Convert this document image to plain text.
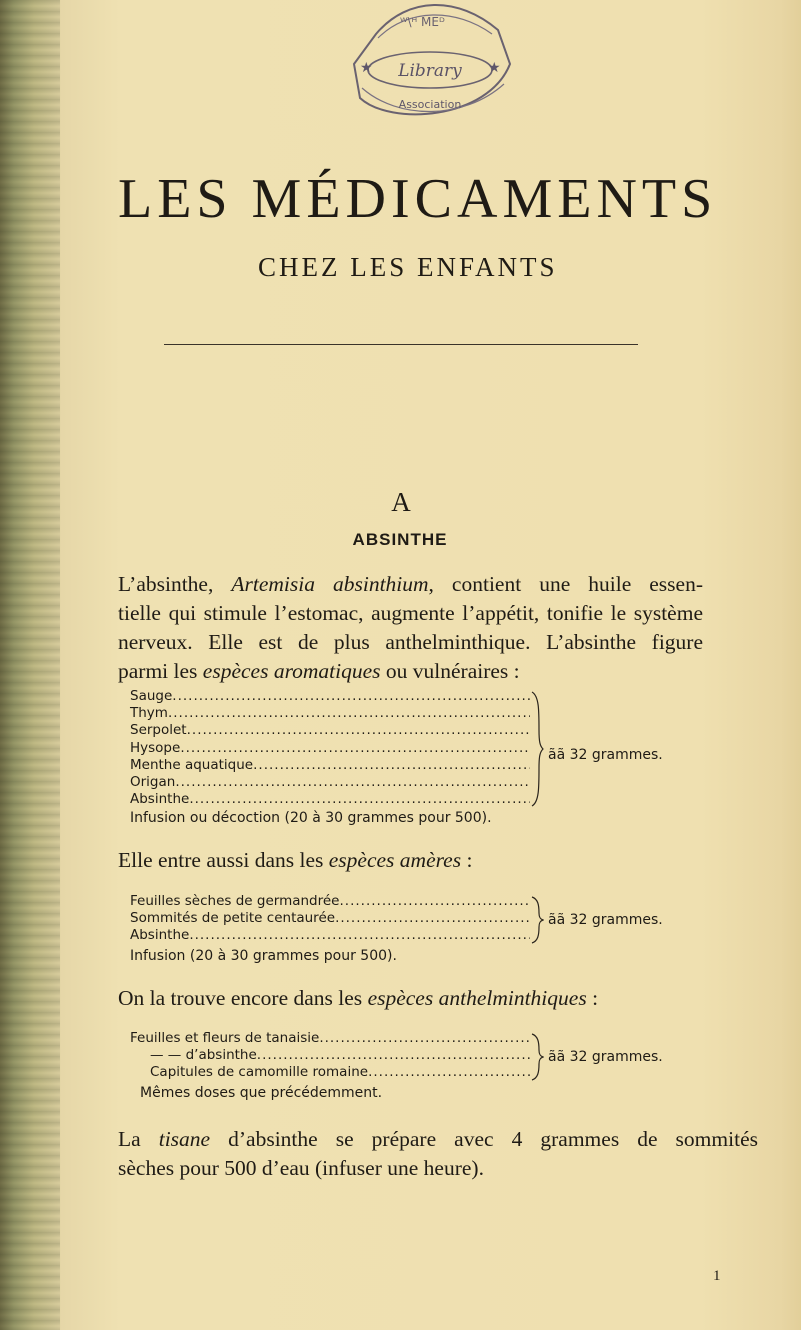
★	★
ᵂ\ᴴ MEᴰ
Library
Association
LES MÉDICAMENTS
CHEZ LES ENFANTS
A
ABSINTHE

L’absinthe, Artemisia absinthium, contient une huile essen-
tielle qui stimule l’estomac, augmente l’appétit, tonifie le système
nerveux. Elle est de plus anthelminthique. L’absinthe figure
parmi les espèces aromatiques ou vulnéraires :

Sauge
.....
Thym
.....
Serpolet
.....
Hysope
.....
Menthe aquatique
.....
Origan
.....
Absinthe
.....
ãã 32 grammes.
Infusion ou décoction (20 à 30 grammes pour 500).

Elle entre aussi dans les espèces amères :

Feuilles sèches de germandrée
.....
Sommités de petite centaurée
.....
Absinthe
.....
ãã 32 grammes.
Infusion (20 à 30 grammes pour 500).

On la trouve encore dans les espèces anthelminthiques :

Feuilles et fleurs de tanaisie
.....
— — d’absinthe
.....
Capitules de camomille romaine
.....
ãã 32 grammes.
Mêmes doses que précédemment.

La tisane d’absinthe se prépare avec 4 grammes de sommités
sèches pour 500 d’eau (infuser une heure).

1
